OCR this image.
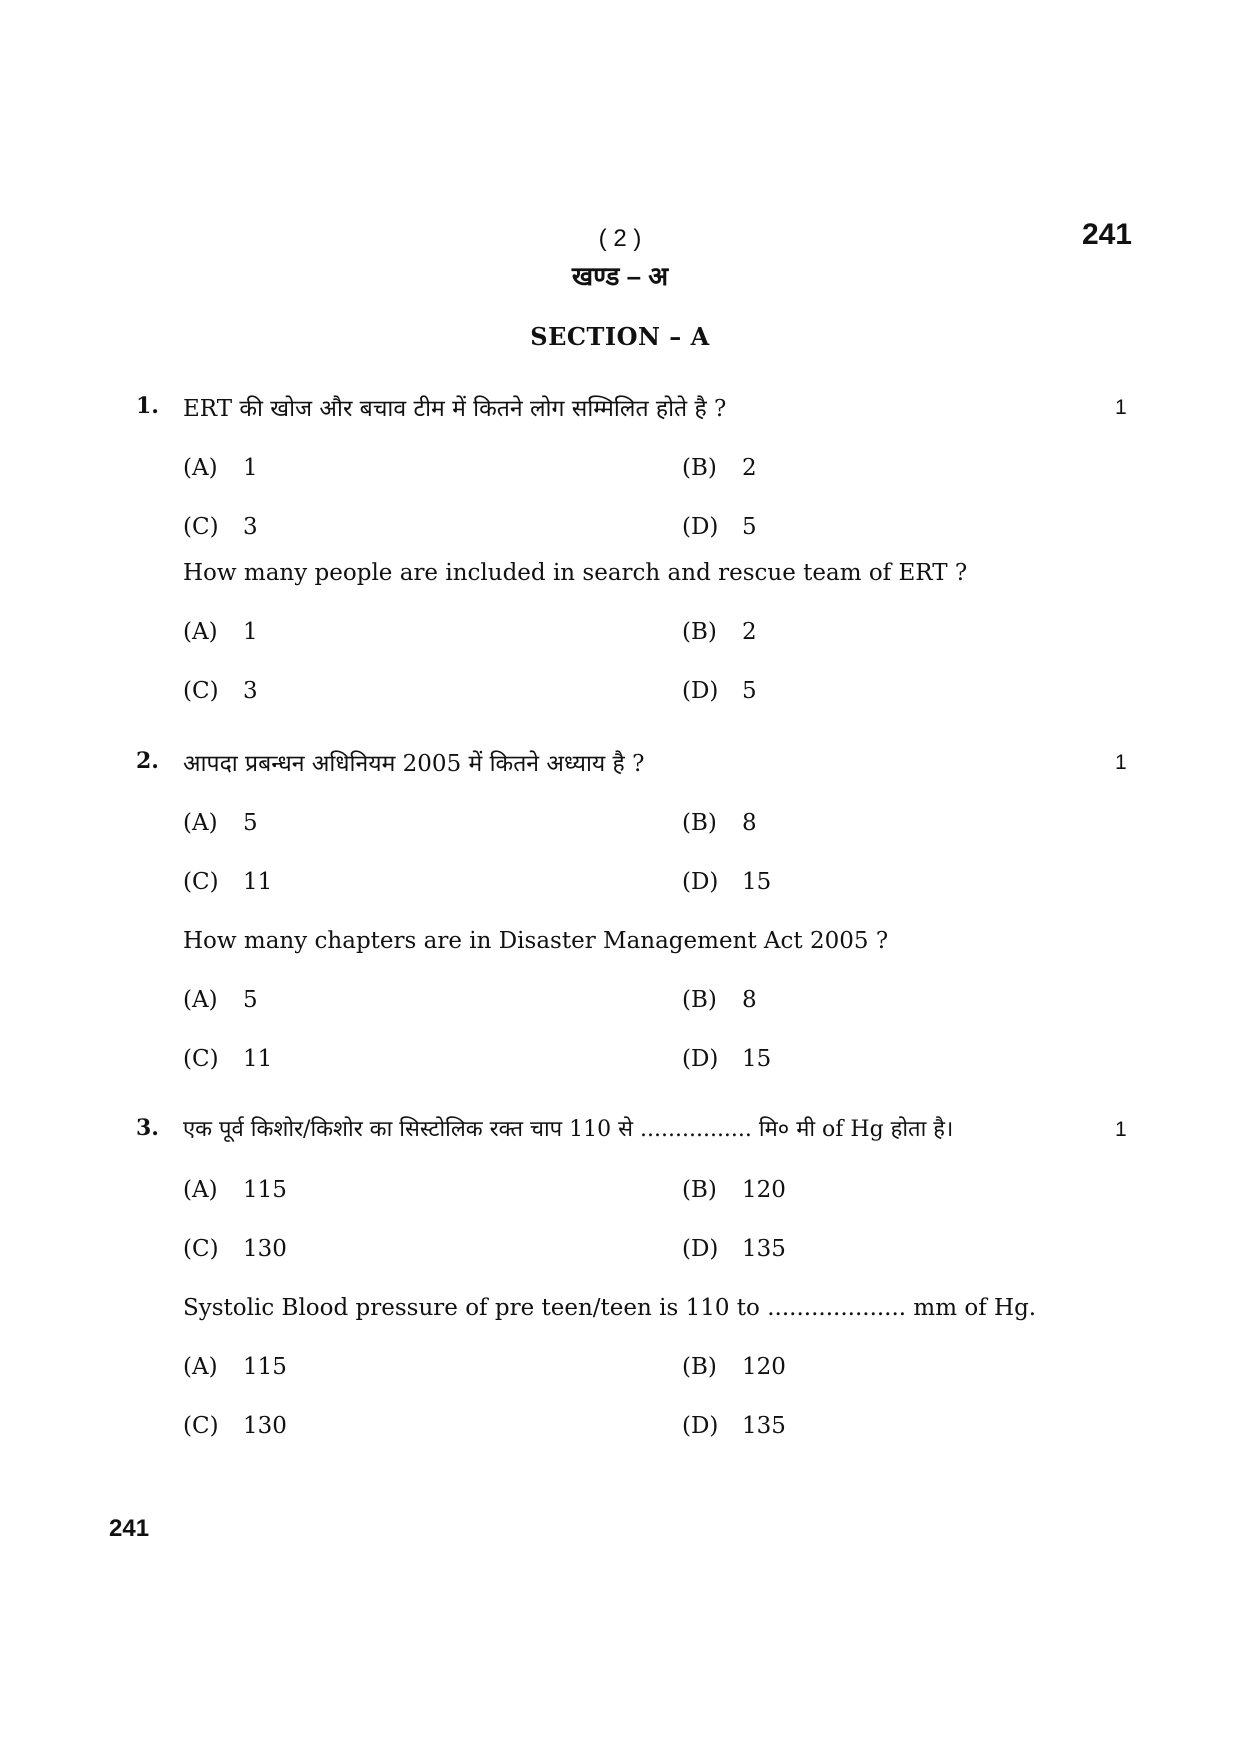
( 2 )	241
खण्ड – अ
SECTION – A
1. ERT की खोज और बचाव टीम में कितने लोग सम्मिलित होते है ?	1
(A) 1	(B) 2
(C) 3	(D) 5
How many people are included in search and rescue team of ERT ?
(A) 1	(B) 2
(C) 3	(D) 5
2. आपदा प्रबन्धन अधिनियम 2005 में कितने अध्याय है ?	1
(A) 5	(B) 8
(C) 11	(D) 15
How many chapters are in Disaster Management Act 2005 ?
(A) 5	(B) 8
(C) 11	(D) 15
3. एक पूर्व किशोर/किशोर का सिस्टोलिक रक्त चाप 110 से ................ मि० मी of Hg होता है।	1
(A) 115	(B) 120
(C) 130	(D) 135
Systolic Blood pressure of pre teen/teen is 110 to ................... mm of Hg.
(A) 115	(B) 120
(C) 130	(D) 135
241
